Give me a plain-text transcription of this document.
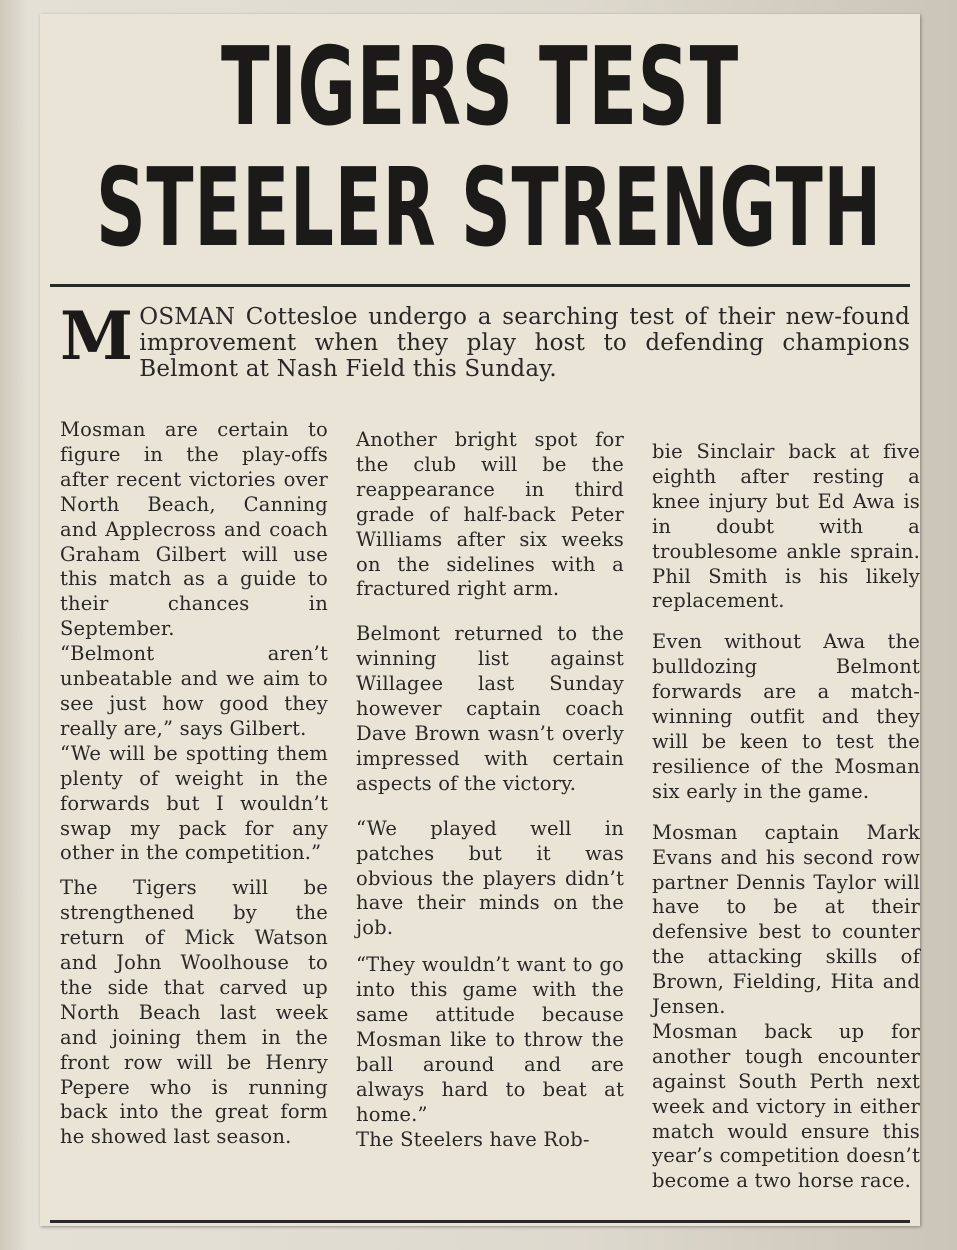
TIGERS TEST
STEELER STRENGTH
MOSMAN Cottesloe undergo a searching test of their new-found improvement when they play host to defending champions Belmont at Nash Field this Sunday.

Mosman are certain to figure in the play-offs after recent victories over North Beach, Canning and Applecross and coach Graham Gilbert will use this match as a guide to their chances in September.

“Belmont aren’t unbeatable and we aim to see just how good they really are,” says Gilbert.

“We will be spotting them plenty of weight in the forwards but I wouldn’t swap my pack for any other in the competition.”

The Tigers will be strengthened by the return of Mick Watson and John Woolhouse to the side that carved up North Beach last week and joining them in the front row will be Henry Pepere who is running back into the great form he showed last season.

Another bright spot for the club will be the reappearance in third grade of half-back Peter Williams after six weeks on the sidelines with a fractured right arm.

Belmont returned to the winning list against Willagee last Sunday however captain coach Dave Brown wasn’t overly impressed with certain aspects of the victory.

“We played well in patches but it was obvious the players didn’t have their minds on the job.

“They wouldn’t want to go into this game with the same attitude because Mosman like to throw the ball around and are always hard to beat at home.”

The Steelers have Rob-

bie Sinclair back at five eighth after resting a knee injury but Ed Awa is in doubt with a troublesome ankle sprain. Phil Smith is his likely replacement.

Even without Awa the bulldozing Belmont forwards are a match-winning outfit and they will be keen to test the resilience of the Mosman six early in the game.

Mosman captain Mark Evans and his second row partner Dennis Taylor will have to be at their defensive best to counter the attacking skills of Brown, Fielding, Hita and Jensen.

Mosman back up for another tough encounter against South Perth next week and victory in either match would ensure this year’s competition doesn’t become a two horse race.
